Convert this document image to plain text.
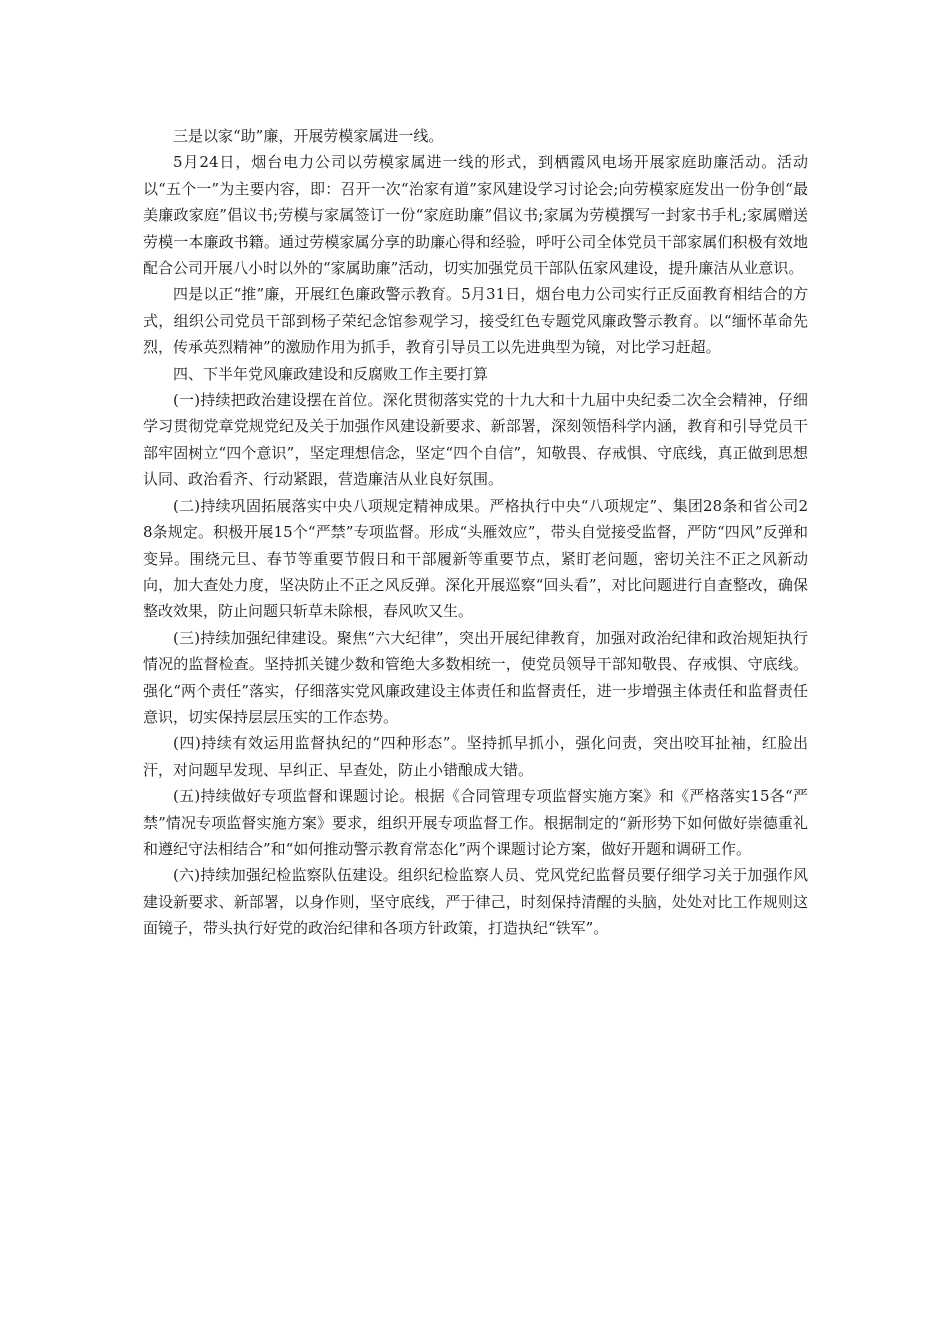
三是以家“助”廉，开展劳模家属进一线。

5月24日，烟台电力公司以劳模家属进一线的形式，到栖霞风电场开展家庭助廉活动。活动以“五个一”为主要内容，即：召开一次“治家有道”家风建设学习讨论会;向劳模家庭发出一份争创“最美廉政家庭”倡议书;劳模与家属签订一份“家庭助廉”倡议书;家属为劳模撰写一封家书手札;家属赠送劳模一本廉政书籍。通过劳模家属分享的助廉心得和经验，呼吁公司全体党员干部家属们积极有效地配合公司开展八小时以外的“家属助廉”活动，切实加强党员干部队伍家风建设，提升廉洁从业意识。

四是以正“推”廉，开展红色廉政警示教育。5月31日，烟台电力公司实行正反面教育相结合的方式，组织公司党员干部到杨子荣纪念馆参观学习，接受红色专题党风廉政警示教育。以“缅怀革命先烈，传承英烈精神”的激励作用为抓手，教育引导员工以先进典型为镜，对比学习赶超。

四、下半年党风廉政建设和反腐败工作主要打算

(一)持续把政治建设摆在首位。深化贯彻落实党的十九大和十九届中央纪委二次全会精神，仔细学习贯彻党章党规党纪及关于加强作风建设新要求、新部署，深刻领悟科学内涵，教育和引导党员干部牢固树立“四个意识”，坚定理想信念，坚定“四个自信”，知敬畏、存戒惧、守底线，真正做到思想认同、政治看齐、行动紧跟，营造廉洁从业良好氛围。

(二)持续巩固拓展落实中央八项规定精神成果。严格执行中央“八项规定”、集团28条和省公司28条规定。积极开展15个“严禁”专项监督。形成“头雁效应”，带头自觉接受监督，严防“四风”反弹和变异。围绕元旦、春节等重要节假日和干部履新等重要节点，紧盯老问题，密切关注不正之风新动向，加大查处力度，坚决防止不正之风反弹。深化开展巡察“回头看”，对比问题进行自查整改，确保整改效果，防止问题只斩草未除根，春风吹又生。

(三)持续加强纪律建设。聚焦“六大纪律”，突出开展纪律教育，加强对政治纪律和政治规矩执行情况的监督检查。坚持抓关键少数和管绝大多数相统一，使党员领导干部知敬畏、存戒惧、守底线。强化“两个责任”落实，仔细落实党风廉政建设主体责任和监督责任，进一步增强主体责任和监督责任意识，切实保持层层压实的工作态势。

(四)持续有效运用监督执纪的“四种形态”。坚持抓早抓小，强化问责，突出咬耳扯袖，红脸出汗，对问题早发现、早纠正、早查处，防止小错酿成大错。

(五)持续做好专项监督和课题讨论。根据《合同管理专项监督实施方案》和《严格落实15各“严禁”情况专项监督实施方案》要求，组织开展专项监督工作。根据制定的“新形势下如何做好崇德重礼和遵纪守法相结合”和“如何推动警示教育常态化”两个课题讨论方案，做好开题和调研工作。

(六)持续加强纪检监察队伍建设。组织纪检监察人员、党风党纪监督员要仔细学习关于加强作风建设新要求、新部署，以身作则，坚守底线，严于律己，时刻保持清醒的头脑，处处对比工作规则这面镜子，带头执行好党的政治纪律和各项方针政策，打造执纪“铁军”。
